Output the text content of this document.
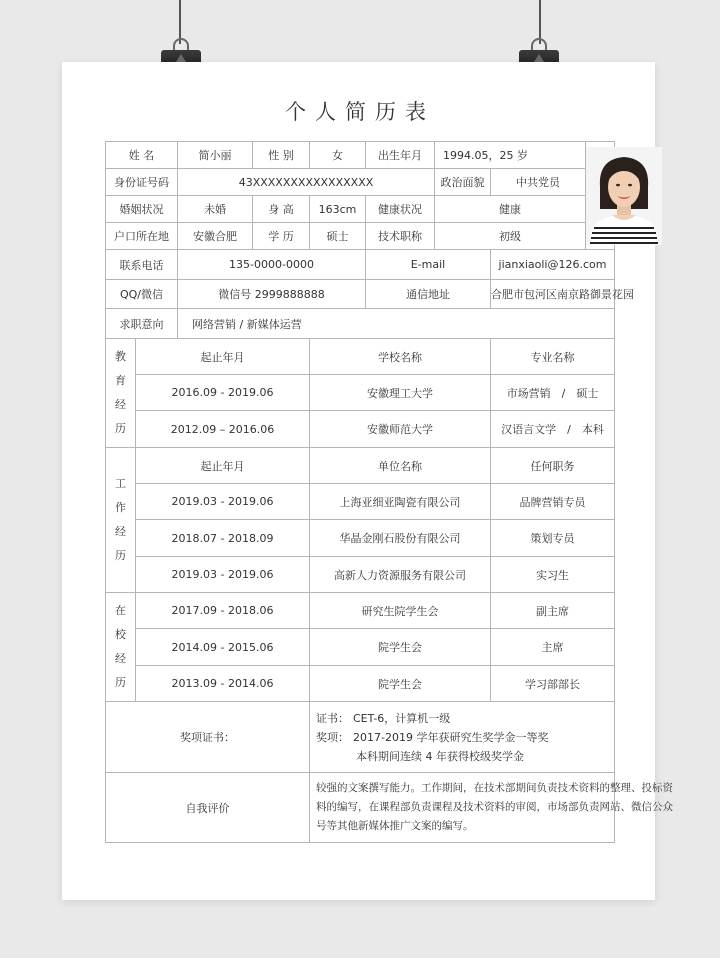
个人简历表
姓 名		简小丽	性 别	女	出生年月	1994.05，25 岁	

身份证号码		43XXXXXXXXXXXXXXXX				政治面貌	中共党员	
婚姻状况		未婚	身 高	163cm	健康状况	健康		
户口所在地		安徽合肥	学 历	硕士	技术职称	初级		
联系电话		135-0000-0000			E-mail		jianxiaoli@126.com	
QQ/微信		微信号 2999888888			通信地址		合肥市包河区南京路御景花园	
求职意向		网络营销 / 新媒体运营						

教
育
经
历	起止年月			学校名称			专业名称	
	2016.09 - 2019.06			安徽理工大学			市场营销　/　硕士	
	2012.09 – 2016.06			安徽师范大学			汉语言文学　/　本科	

工
作
经
历	起止年月			单位名称			任何职务	
	2019.03 - 2019.06			上海亚细亚陶瓷有限公司			品牌营销专员	
	2018.07 - 2018.09			华晶金刚石股份有限公司			策划专员	
	2019.03 - 2019.06			高新人力资源服务有限公司			实习生	

在
校
经
历	2017.09 - 2018.06			研究生院学生会			副主席	
	2014.09 - 2015.06			院学生会			主席	
	2013.09 - 2014.06			院学生会			学习部部长	
奖项证书：				证书： CET-6，计算机一级
奖项： 2017-2019 学年获研究生奖学金一等奖
本科期间连续 4 年获得校级奖学金				

自我评价				较强的文案撰写能力。工作期间，在技术部期间负责技术资料的整理、投标资
料的编写，在课程部负责课程及技术资料的审阅，市场部负责网站、微信公众
号等其他新媒体推广文案的编写。				
